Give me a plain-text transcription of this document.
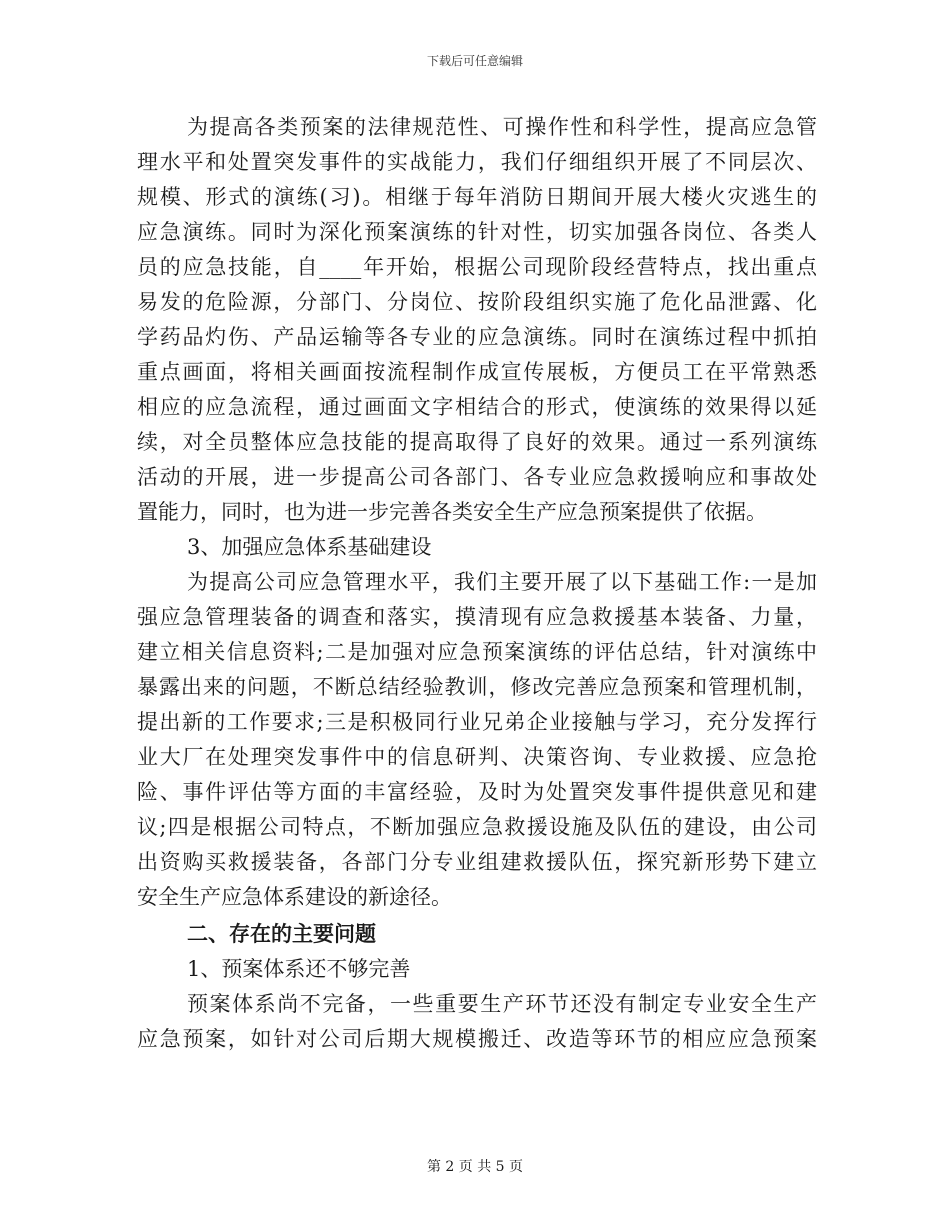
下载后可任意编辑
为提高各类预案的法律规范性、可操作性和科学性，提高应急管
理水平和处置突发事件的实战能力，我们仔细组织开展了不同层次、
规模、形式的演练(习)。相继于每年消防日期间开展大楼火灾逃生的
应急演练。同时为深化预案演练的针对性，切实加强各岗位、各类人
员的应急技能，自____年开始，根据公司现阶段经营特点，找出重点
易发的危险源，分部门、分岗位、按阶段组织实施了危化品泄露、化
学药品灼伤、产品运输等各专业的应急演练。同时在演练过程中抓拍
重点画面，将相关画面按流程制作成宣传展板，方便员工在平常熟悉
相应的应急流程，通过画面文字相结合的形式，使演练的效果得以延
续，对全员整体应急技能的提高取得了良好的效果。通过一系列演练
活动的开展，进一步提高公司各部门、各专业应急救援响应和事故处
置能力，同时，也为进一步完善各类安全生产应急预案提供了依据。
3、加强应急体系基础建设
为提高公司应急管理水平，我们主要开展了以下基础工作:一是加
强应急管理装备的调查和落实，摸清现有应急救援基本装备、力量，
建立相关信息资料;二是加强对应急预案演练的评估总结，针对演练中
暴露出来的问题，不断总结经验教训，修改完善应急预案和管理机制，
提出新的工作要求;三是积极同行业兄弟企业接触与学习，充分发挥行
业大厂在处理突发事件中的信息研判、决策咨询、专业救援、应急抢
险、事件评估等方面的丰富经验，及时为处置突发事件提供意见和建
议;四是根据公司特点，不断加强应急救援设施及队伍的建设，由公司
出资购买救援装备，各部门分专业组建救援队伍，探究新形势下建立
安全生产应急体系建设的新途径。
二、存在的主要问题
1、预案体系还不够完善
预案体系尚不完备，一些重要生产环节还没有制定专业安全生产
应急预案，如针对公司后期大规模搬迁、改造等环节的相应应急预案
第 2 页 共 5 页
